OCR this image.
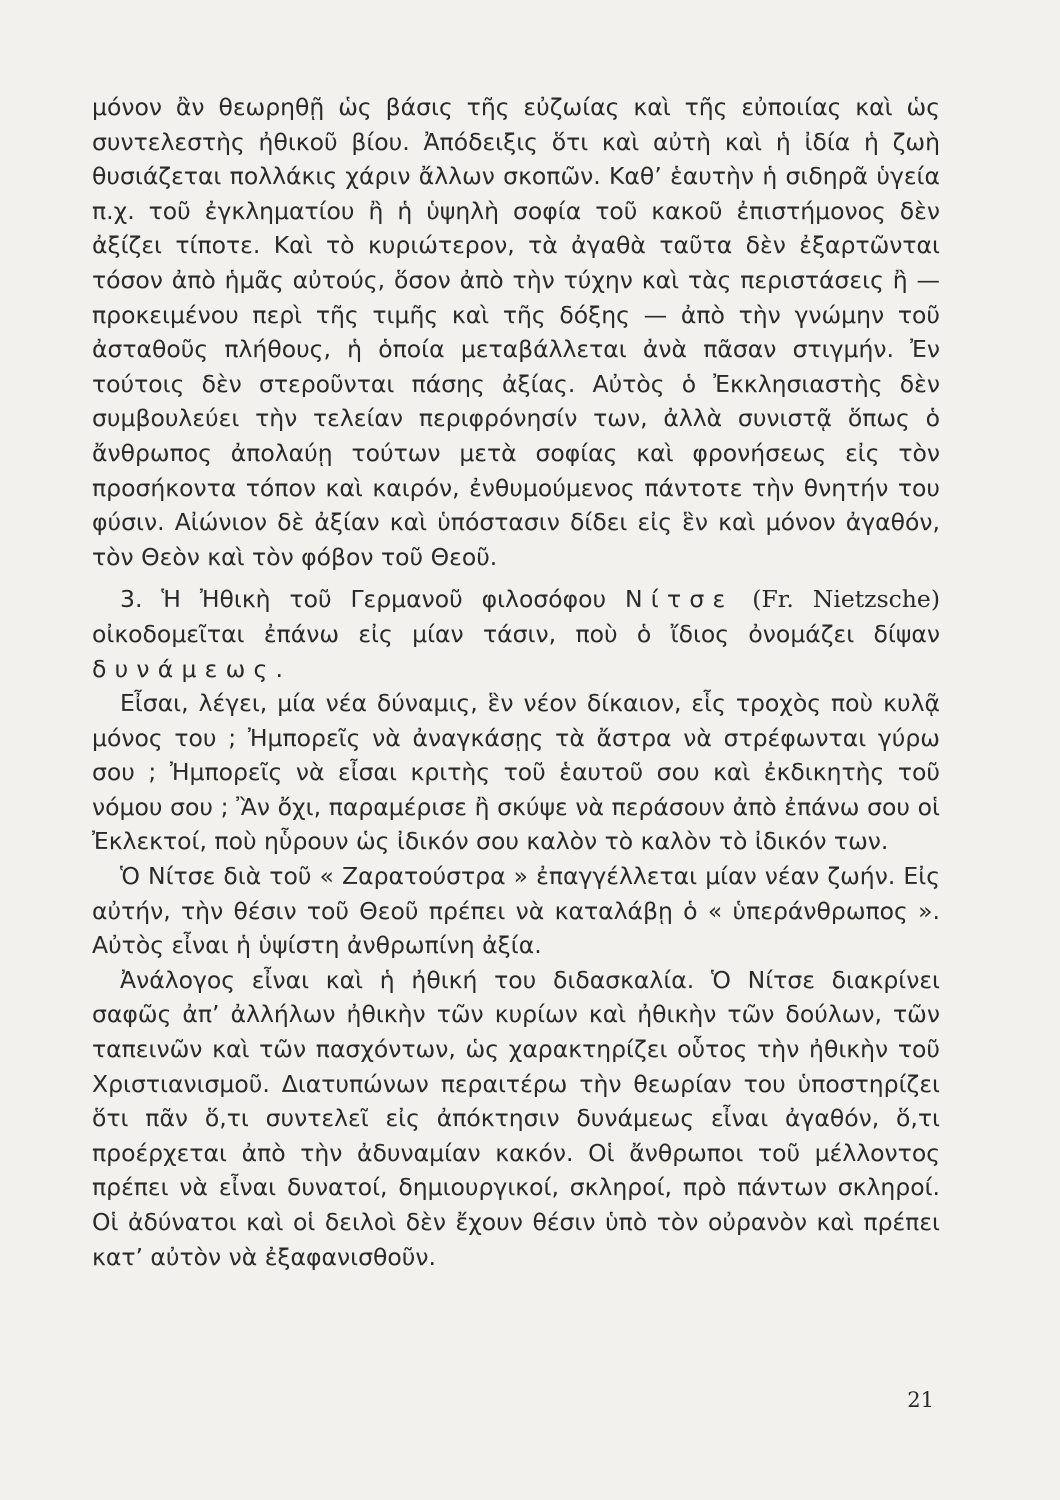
μόνον ἂν θεωρηθῇ ὡς βάσις τῆς εὐζωίας καὶ τῆς εὐποιίας καὶ ὡς συντελεστὴς ἠθικοῦ βίου. Ἀπόδειξις ὅτι καὶ αὐτὴ καὶ ἡ ἰδία ἡ ζωὴ θυσιάζεται πολλάκις χάριν ἄλλων σκοπῶν. Καθ’ ἑαυτὴν ἡ σιδηρᾶ ὑγεία π.χ. τοῦ ἐγκληματίου ἢ ἡ ὑψηλὴ σοφία τοῦ κακοῦ ἐπιστήμονος δὲν ἀξίζει τίποτε. Καὶ τὸ κυριώτερον, τὰ ἀγαθὰ ταῦτα δὲν ἐξαρτῶνται τόσον ἀπὸ ἡμᾶς αὐτούς, ὅσον ἀπὸ τὴν τύχην καὶ τὰς περιστάσεις ἢ — προκειμένου περὶ τῆς τιμῆς καὶ τῆς δόξης — ἀπὸ τὴν γνώμην τοῦ ἀσταθοῦς πλήθους, ἡ ὁποία μεταβάλλεται ἀνὰ πᾶσαν στιγμήν. Ἐν τούτοις δὲν στεροῦνται πάσης ἀξίας. Αὐτὸς ὁ Ἐκκλησιαστὴς δὲν συμβουλεύει τὴν τελείαν περιφρόνησίν των, ἀλλὰ συνιστᾷ ὅπως ὁ ἄνθρωπος ἀπολαύῃ τούτων μετὰ σοφίας καὶ φρονήσεως εἰς τὸν προσήκοντα τόπον καὶ καιρόν, ἐνθυμούμενος πάντοτε τὴν θνητήν του φύσιν. Αἰώνιον δὲ ἀξίαν καὶ ὑπόστασιν δίδει εἰς ἓν καὶ μόνον ἀγαθόν, τὸν Θεὸν καὶ τὸν φόβον τοῦ Θεοῦ.

3. Ἡ Ἠθικὴ τοῦ Γερμανοῦ φιλοσόφου Νίτσε (Fr. Nietzsche) οἰκοδομεῖται ἐπάνω εἰς μίαν τάσιν, ποὺ ὁ ἴδιος ὀνομάζει δίψαν δυνάμεως.

Εἶσαι, λέγει, μία νέα δύναμις, ἓν νέον δίκαιον, εἷς τροχὸς ποὺ κυλᾷ μόνος του ; Ἠμπορεῖς νὰ ἀναγκάσῃς τὰ ἄστρα νὰ στρέφωνται γύρω σου ; Ἠμπορεῖς νὰ εἶσαι κριτὴς τοῦ ἑαυτοῦ σου καὶ ἐκδικητὴς τοῦ νόμου σου ; Ἂν ὄχι, παραμέρισε ἢ σκύψε νὰ περάσουν ἀπὸ ἐπάνω σου οἱ Ἐκλεκτοί, ποὺ ηὗρουν ὡς ἰδικόν σου καλὸν τὸ καλὸν τὸ ἰδικόν των.

Ὁ Νίτσε διὰ τοῦ « Ζαρατούστρα » ἐπαγγέλλεται μίαν νέαν ζωήν. Εἰς αὐτήν, τὴν θέσιν τοῦ Θεοῦ πρέπει νὰ καταλάβῃ ὁ « ὑπεράνθρωπος ». Αὐτὸς εἶναι ἡ ὑψίστη ἀνθρωπίνη ἀξία.

Ἀνάλογος εἶναι καὶ ἡ ἠθική του διδασκαλία. Ὁ Νίτσε διακρίνει σαφῶς ἀπ’ ἀλλήλων ἠθικὴν τῶν κυρίων καὶ ἠθικὴν τῶν δούλων, τῶν ταπεινῶν καὶ τῶν πασχόντων, ὡς χαρακτηρίζει οὗτος τὴν ἠθικὴν τοῦ Χριστιανισμοῦ. Διατυπώνων περαιτέρω τὴν θεωρίαν του ὑποστηρίζει ὅτι πᾶν ὅ,τι συντελεῖ εἰς ἀπόκτησιν δυνάμεως εἶναι ἀγαθόν, ὅ,τι προέρχεται ἀπὸ τὴν ἀδυναμίαν κακόν. Οἱ ἄνθρωποι τοῦ μέλλοντος πρέπει νὰ εἶναι δυνατοί, δημιουργικοί, σκληροί, πρὸ πάντων σκληροί. Οἱ ἀδύνατοι καὶ οἱ δειλοὶ δὲν ἔχουν θέσιν ὑπὸ τὸν οὐρανὸν καὶ πρέπει κατ’ αὐτὸν νὰ ἐξαφανισθοῦν.

21
